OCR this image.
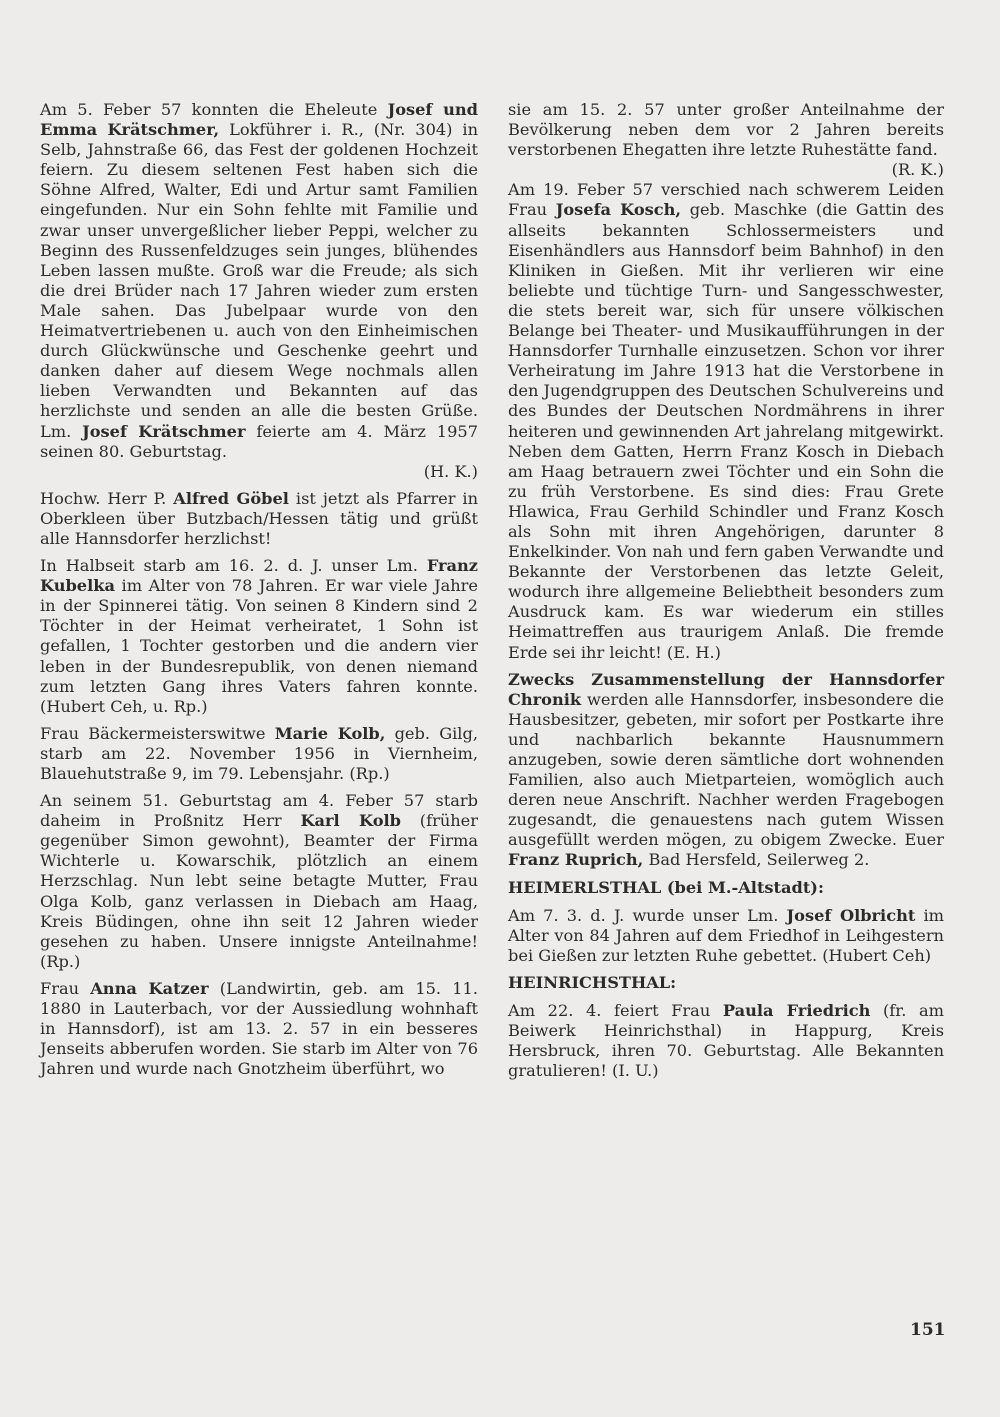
Am 5. Feber 57 konnten die Eheleute Josef und Emma Krätschmer, Lokführer i. R., (Nr. 304) in Selb, Jahnstraße 66, das Fest der goldenen Hochzeit feiern. Zu diesem seltenen Fest haben sich die Söhne Alfred, Walter, Edi und Artur samt Familien eingefunden. Nur ein Sohn fehlte mit Familie und zwar unser unvergeßlicher lieber Peppi, welcher zu Beginn des Russenfeldzuges sein junges, blühendes Leben lassen mußte. Groß war die Freude; als sich die drei Brüder nach 17 Jahren wieder zum ersten Male sahen. Das Jubelpaar wurde von den Heimatvertriebenen u. auch von den Einheimischen durch Glückwünsche und Geschenke geehrt und danken daher auf diesem Wege nochmals allen lieben Verwandten und Bekannten auf das herzlichste und senden an alle die besten Grüße. Lm. Josef Krätschmer feierte am 4. März 1957 seinen 80. Geburtstag.
(H. K.)

Hochw. Herr P. Alfred Göbel ist jetzt als Pfarrer in Oberkleen über Butzbach/Hessen tätig und grüßt alle Hannsdorfer herzlichst!

In Halbseit starb am 16. 2. d. J. unser Lm. Franz Kubelka im Alter von 78 Jahren. Er war viele Jahre in der Spinnerei tätig. Von seinen 8 Kindern sind 2 Töchter in der Heimat verheiratet, 1 Sohn ist gefallen, 1 Tochter gestorben und die andern vier leben in der Bundesrepublik, von denen niemand zum letzten Gang ihres Vaters fahren konnte. (Hubert Ceh, u. Rp.)

Frau Bäckermeisterswitwe Marie Kolb, geb. Gilg, starb am 22. November 1956 in Viernheim, Blauehutstraße 9, im 79. Lebensjahr. (Rp.)

An seinem 51. Geburtstag am 4. Feber 57 starb daheim in Proßnitz Herr Karl Kolb (früher gegenüber Simon gewohnt), Beamter der Firma Wichterle u. Kowarschik, plötzlich an einem Herzschlag. Nun lebt seine betagte Mutter, Frau Olga Kolb, ganz verlassen in Diebach am Haag, Kreis Büdingen, ohne ihn seit 12 Jahren wieder gesehen zu haben. Unsere innigste Anteilnahme! (Rp.)

Frau Anna Katzer (Landwirtin, geb. am 15. 11. 1880 in Lauterbach, vor der Aussiedlung wohnhaft in Hannsdorf), ist am 13. 2. 57 in ein besseres Jenseits abberufen worden. Sie starb im Alter von 76 Jahren und wurde nach Gnotzheim überführt, wo

sie am 15. 2. 57 unter großer Anteilnahme der Bevölkerung neben dem vor 2 Jahren bereits verstorbenen Ehegatten ihre letzte Ruhestätte fand.
(R. K.)

Am 19. Feber 57 verschied nach schwerem Leiden Frau Josefa Kosch, geb. Maschke (die Gattin des allseits bekannten Schlossermeisters und Eisenhändlers aus Hannsdorf beim Bahnhof) in den Kliniken in Gießen. Mit ihr verlieren wir eine beliebte und tüchtige Turn- und Sangesschwester, die stets bereit war, sich für unsere völkischen Belange bei Theater- und Musikaufführungen in der Hannsdorfer Turnhalle einzusetzen. Schon vor ihrer Verheiratung im Jahre 1913 hat die Verstorbene in den Jugendgruppen des Deutschen Schulvereins und des Bundes der Deutschen Nordmährens in ihrer heiteren und gewinnenden Art jahrelang mitgewirkt. Neben dem Gatten, Herrn Franz Kosch in Diebach am Haag betrauern zwei Töchter und ein Sohn die zu früh Verstorbene. Es sind dies: Frau Grete Hlawica, Frau Gerhild Schindler und Franz Kosch als Sohn mit ihren Angehörigen, darunter 8 Enkelkinder. Von nah und fern gaben Verwandte und Bekannte der Verstorbenen das letzte Geleit, wodurch ihre allgemeine Beliebtheit besonders zum Ausdruck kam. Es war wiederum ein stilles Heimattreffen aus traurigem Anlaß. Die fremde Erde sei ihr leicht! (E. H.)

Zwecks Zusammenstellung der Hannsdorfer Chronik werden alle Hannsdorfer, insbesondere die Hausbesitzer, gebeten, mir sofort per Postkarte ihre und nachbarlich bekannte Hausnummern anzugeben, sowie deren sämtliche dort wohnenden Familien, also auch Mietparteien, womöglich auch deren neue Anschrift. Nachher werden Fragebogen zugesandt, die genauestens nach gutem Wissen ausgefüllt werden mögen, zu obigem Zwecke. Euer Franz Ruprich, Bad Hersfeld, Seilerweg 2.

HEIMERLSTHAL (bei M.-Altstadt):

Am 7. 3. d. J. wurde unser Lm. Josef Olbricht im Alter von 84 Jahren auf dem Friedhof in Leihgestern bei Gießen zur letzten Ruhe gebettet. (Hubert Ceh)

HEINRICHSTHAL:

Am 22. 4. feiert Frau Paula Friedrich (fr. am Beiwerk Heinrichsthal) in Happurg, Kreis Hersbruck, ihren 70. Geburtstag. Alle Bekannten gratulieren! (I. U.)

151
